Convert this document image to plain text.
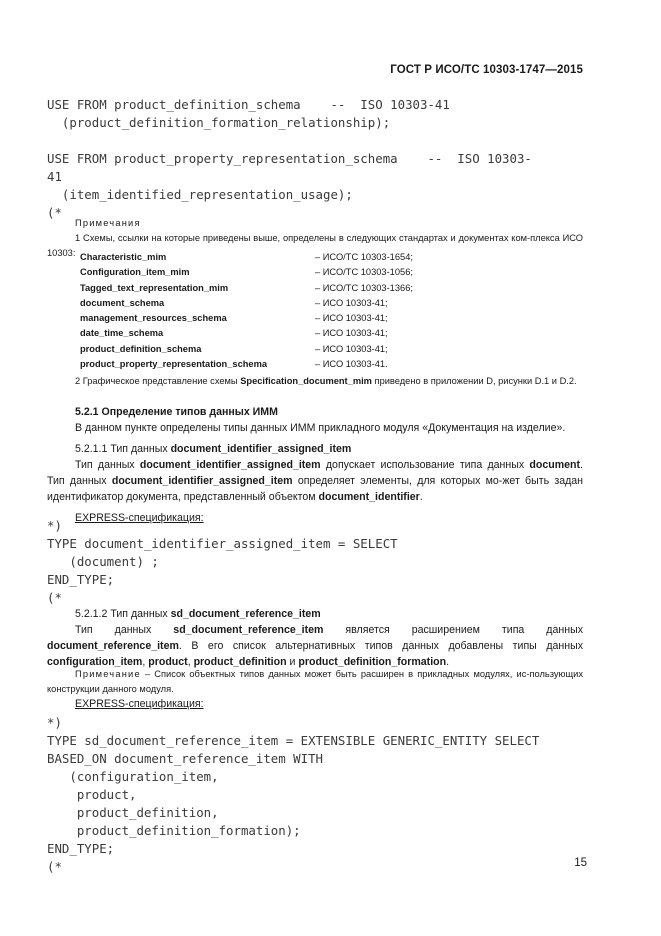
ГОСТ Р ИСО/ТС 10303-1747—2015
USE FROM product_definition_schema    --  ISO 10303-41
(product_definition_formation_relationship);

USE FROM product_property_representation_schema    --  ISO 10303-
41
(item_identified_representation_usage);
(*
Примечания
1 Схемы, ссылки на которые приведены выше, определены в следующих стандартах и документах ком-плекса ИСО 10303: Characteristic_mim	– ИСО/ТС 10303-1654;
Configuration_item_mim	– ИСО/ТС 10303-1056;
Tagged_text_representation_mim	– ИСО/ТС 10303-1366;
document_schema	– ИСО 10303-41;
management_resources_schema	– ИСО 10303-41;
date_time_schema	– ИСО 10303-41;
product_definition_schema	– ИСО 10303-41;
product_property_representation_schema	– ИСО 10303-41.
2 Графическое представление схемы Specification_document_mim приведено в приложении D, рисунки D.1 и D.2.
5.2.1 Определение типов данных ИММ
В данном пункте определены типы данных ИММ прикладного модуля «Документация на изделие».
5.2.1.1 Тип данных document_identifier_assigned_item
Тип данных document_identifier_assigned_item допускает использование типа данных document. Тип данных document_identifier_assigned_item определяет элементы, для которых мо-жет быть задан идентификатор документа, представленный объектом document_identifier.
EXPRESS-спецификация:
*)
TYPE document_identifier_assigned_item = SELECT
(document) ;
END_TYPE;
(*
5.2.1.2 Тип данных sd_document_reference_item
Тип данных sd_document_reference_item является расширением типа данных document_reference_item. В его список альтернативных типов данных добавлены типы данных configuration_item, product, product_definition и product_definition_formation.
Примечание – Список объектных типов данных может быть расширен в прикладных модулях, ис-пользующих конструкции данного модуля.
EXPRESS-спецификация:
*)
TYPE sd_document_reference_item = EXTENSIBLE GENERIC_ENTITY SELECT
BASED_ON document_reference_item WITH
(configuration_item,
product,
product_definition,
product_definition_formation);
END_TYPE;
(*	15
